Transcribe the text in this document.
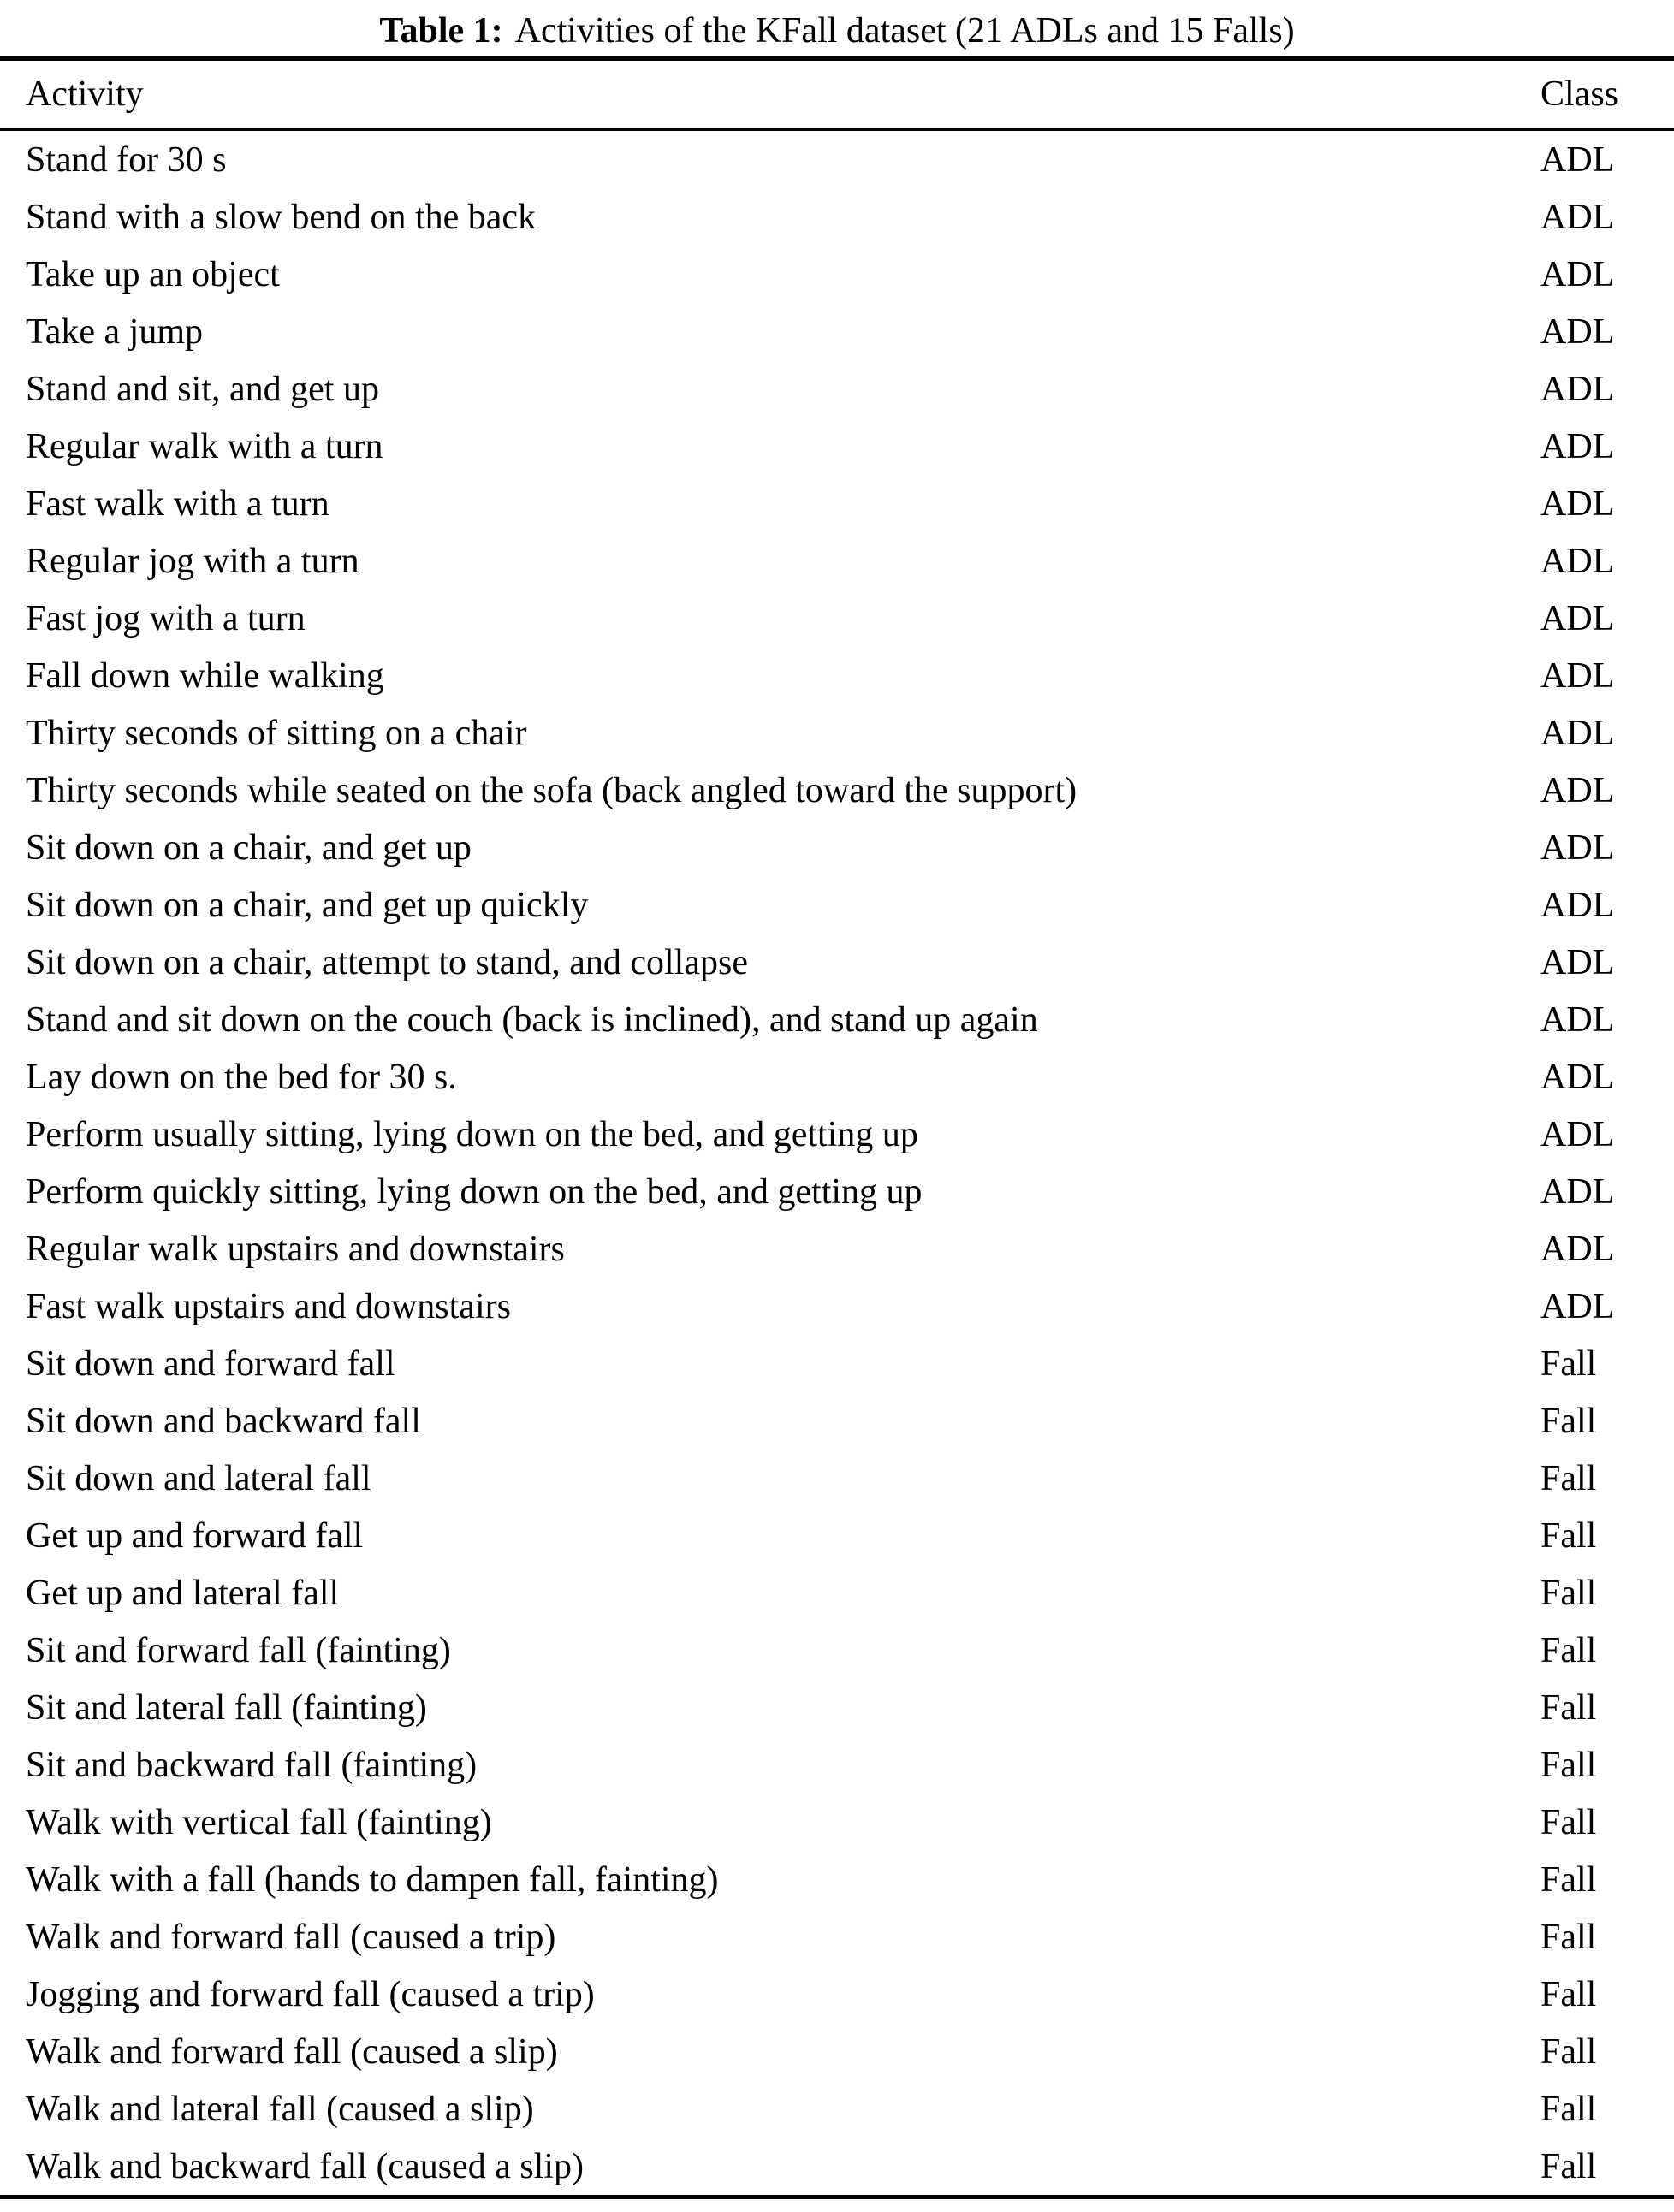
Table 1: Activities of the KFall dataset (21 ADLs and 15 Falls)
Activity	Class
Stand for 30 s	ADL
Stand with a slow bend on the back	ADL
Take up an object	ADL
Take a jump	ADL
Stand and sit, and get up	ADL
Regular walk with a turn	ADL
Fast walk with a turn	ADL
Regular jog with a turn	ADL
Fast jog with a turn	ADL
Fall down while walking	ADL
Thirty seconds of sitting on a chair	ADL
Thirty seconds while seated on the sofa (back angled toward the support)	ADL
Sit down on a chair, and get up	ADL
Sit down on a chair, and get up quickly	ADL
Sit down on a chair, attempt to stand, and collapse	ADL
Stand and sit down on the couch (back is inclined), and stand up again	ADL
Lay down on the bed for 30 s.	ADL
Perform usually sitting, lying down on the bed, and getting up	ADL
Perform quickly sitting, lying down on the bed, and getting up	ADL
Regular walk upstairs and downstairs	ADL
Fast walk upstairs and downstairs	ADL
Sit down and forward fall	Fall
Sit down and backward fall	Fall
Sit down and lateral fall	Fall
Get up and forward fall	Fall
Get up and lateral fall	Fall
Sit and forward fall (fainting)	Fall
Sit and lateral fall (fainting)	Fall
Sit and backward fall (fainting)	Fall
Walk with vertical fall (fainting)	Fall
Walk with a fall (hands to dampen fall, fainting)	Fall
Walk and forward fall (caused a trip)	Fall
Jogging and forward fall (caused a trip)	Fall
Walk and forward fall (caused a slip)	Fall
Walk and lateral fall (caused a slip)	Fall
Walk and backward fall (caused a slip)	Fall
